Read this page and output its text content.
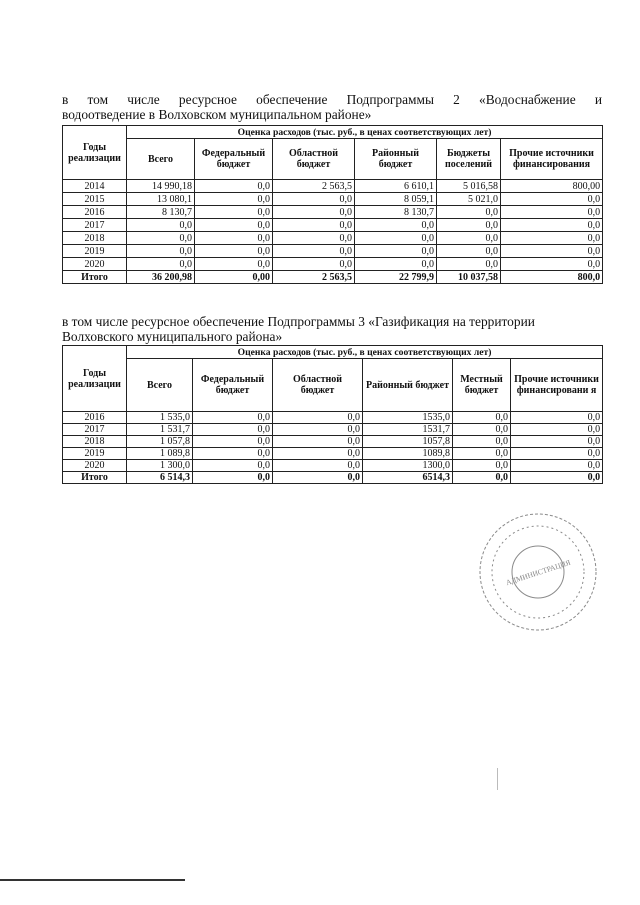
в том числе ресурсное обеспечение Подпрограммы 2 «Водоснабжение и
водоотведение в Волховском муниципальном районе»

Годы реализации	Оценка расходов (тыс. руб., в ценах соответствующих лет)					
	Всего	Федеральный бюджет	Областной бюджет	Районный бюджет	Бюджеты поселений	Прочие источники финансирования
2014	14 990,18	0,0	2 563,5	6 610,1	5 016,58	800,00
2015	13 080,1	0,0	0,0	8 059,1	5 021,0	0,0
2016	8 130,7	0,0	0,0	8 130,7	0,0	0,0
2017	0,0	0,0	0,0	0,0	0,0	0,0
2018	0,0	0,0	0,0	0,0	0,0	0,0
2019	0,0	0,0	0,0	0,0	0,0	0,0
2020	0,0	0,0	0,0	0,0	0,0	0,0
Итого	36 200,98	0,00	2 563,5	22 799,9	10 037,58	800,0

в том числе ресурсное обеспечение Подпрограммы 3 «Газификация на территории
Волховского муниципального района»

Годы реализации	Оценка расходов (тыс. руб., в ценах соответствующих лет)					
	Всего	Федеральный бюджет	Областной бюджет	Районный бюджет	Местный бюджет	Прочие источники финансировани я
2016	1 535,0	0,0	0,0	1535,0	0,0	0,0
2017	1 531,7	0,0	0,0	1531,7	0,0	0,0
2018	1 057,8	0,0	0,0	1057,8	0,0	0,0
2019	1 089,8	0,0	0,0	1089,8	0,0	0,0
2020	1 300,0	0,0	0,0	1300,0	0,0	0,0
Итого	6 514,3	0,0	0,0	6514,3	0,0	0,0
АДМИНИСТРАЦИЯ
